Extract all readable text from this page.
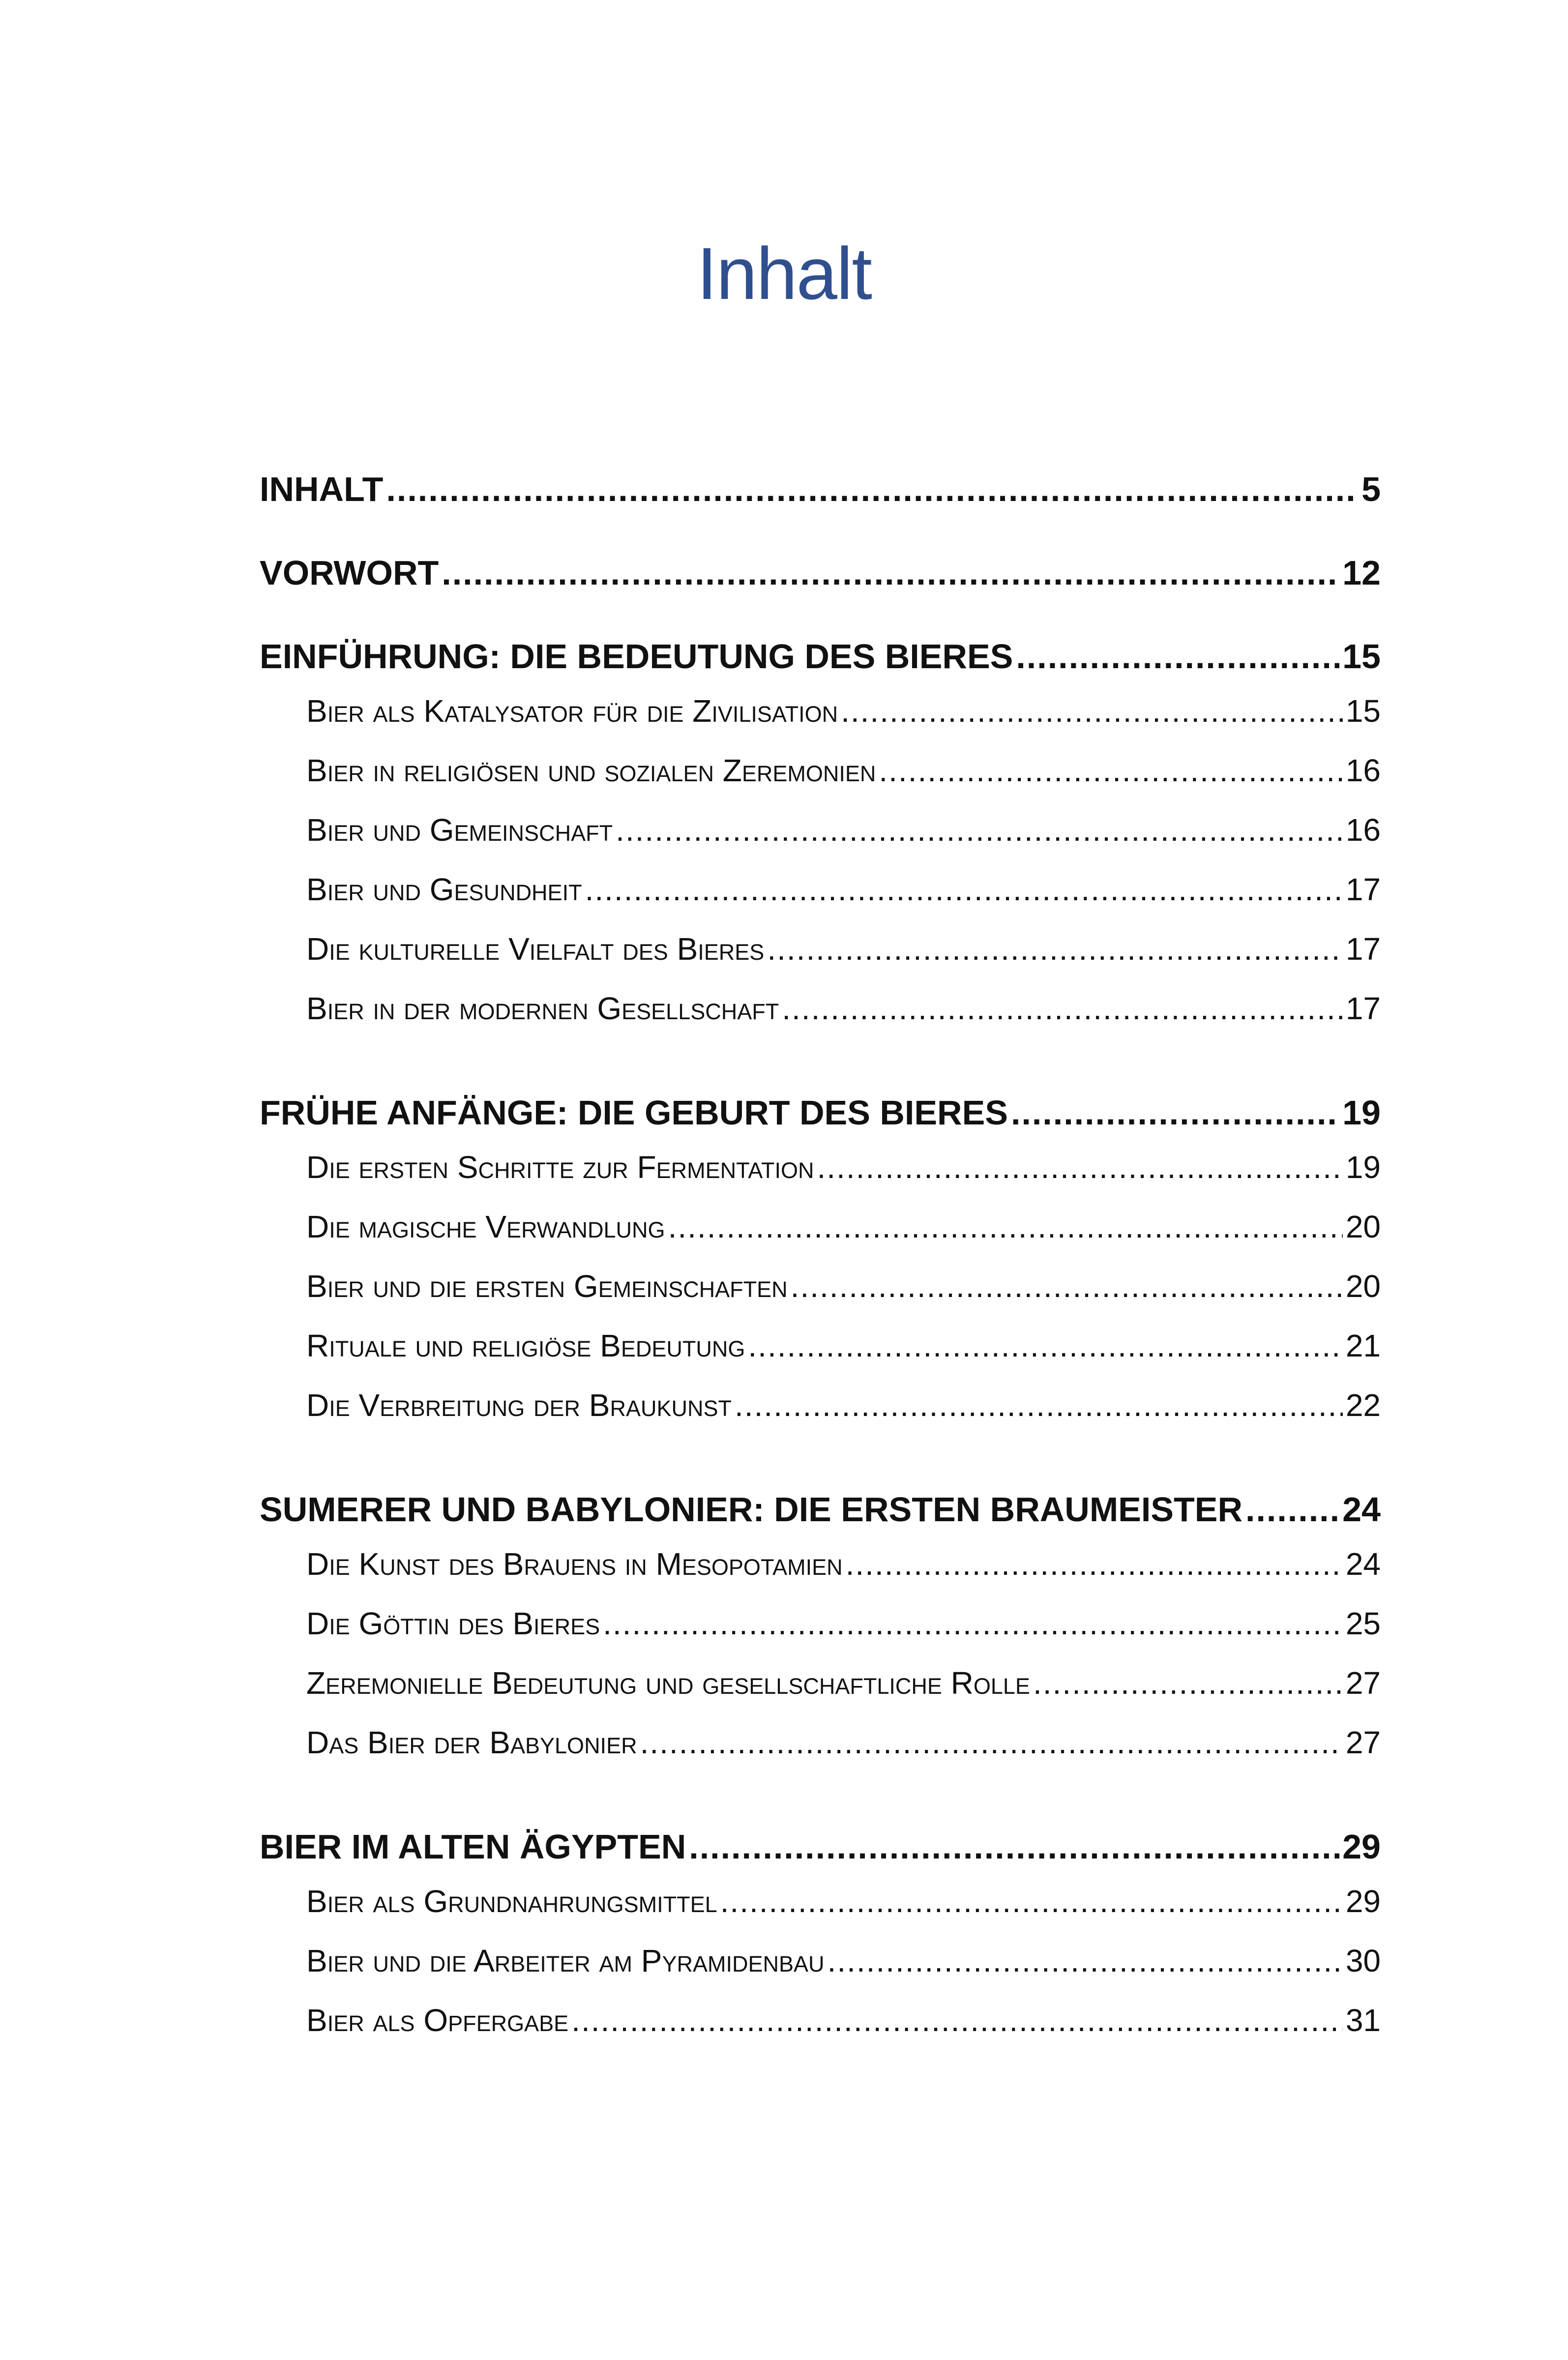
Inhalt
INHALT .....	5
VORWORT .....	12
EINFÜHRUNG: DIE BEDEUTUNG DES BIERES .....	15
Bier als Katalysator für die Zivilisation .....	15
Bier in religiösen und sozialen Zeremonien .....	16
Bier und Gemeinschaft .....	16
Bier und Gesundheit .....	17
Die kulturelle Vielfalt des Bieres .....	17
Bier in der modernen Gesellschaft .....	17
FRÜHE ANFÄNGE: DIE GEBURT DES BIERES .....	19
Die ersten Schritte zur Fermentation .....	19
Die magische Verwandlung .....	20
Bier und die ersten Gemeinschaften .....	20
Rituale und religiöse Bedeutung .....	21
Die Verbreitung der Braukunst .....	22
SUMERER UND BABYLONIER: DIE ERSTEN BRAUMEISTER .....	24
Die Kunst des Brauens in Mesopotamien .....	24
Die Göttin des Bieres .....	25
Zeremonielle Bedeutung und gesellschaftliche Rolle .....	27
Das Bier der Babylonier .....	27
BIER IM ALTEN ÄGYPTEN .....	29
Bier als Grundnahrungsmittel .....	29
Bier und die Arbeiter am Pyramidenbau .....	30
Bier als Opfergabe .....	31
